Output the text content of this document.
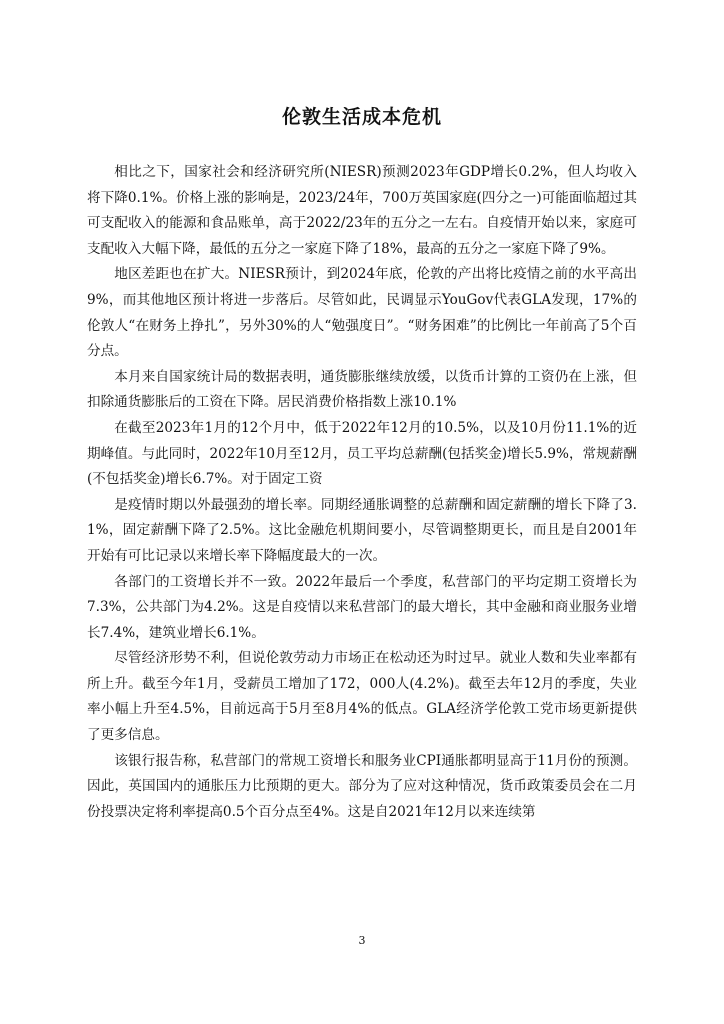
伦敦生活成本危机

相比之下，国家社会和经济研究所(NIESR)预测2023年GDP增长0.2%，但人均收入将下降0.1%。价格上涨的影响是，2023/24年，700万英国家庭(四分之一)可能面临超过其可支配收入的能源和食品账单，高于2022/23年的五分之一左右。自疫情开始以来，家庭可支配收入大幅下降，最低的五分之一家庭下降了18%，最高的五分之一家庭下降了9%。

地区差距也在扩大。NIESR预计，到2024年底，伦敦的产出将比疫情之前的水平高出9%，而其他地区预计将进一步落后。尽管如此，民调显示YouGov代表GLA发现，17%的伦敦人“在财务上挣扎”，另外30%的人“勉强度日”。“财务困难”的比例比一年前高了5个百分点。

本月来自国家统计局的数据表明，通货膨胀继续放缓，以货币计算的工资仍在上涨，但扣除通货膨胀后的工资在下降。居民消费价格指数上涨10.1%

在截至2023年1月的12个月中，低于2022年12月的10.5%，以及10月份11.1%的近期峰值。与此同时，2022年10月至12月，员工平均总薪酬(包括奖金)增长5.9%，常规薪酬(不包括奖金)增长6.7%。对于固定工资

是疫情时期以外最强劲的增长率。同期经通胀调整的总薪酬和固定薪酬的增长下降了3.1%，固定薪酬下降了2.5%。这比金融危机期间要小，尽管调整期更长，而且是自2001年开始有可比记录以来增长率下降幅度最大的一次。

各部门的工资增长并不一致。2022年最后一个季度，私营部门的平均定期工资增长为7.3%，公共部门为4.2%。这是自疫情以来私营部门的最大增长，其中金融和商业服务业增长7.4%，建筑业增长6.1%。

尽管经济形势不利，但说伦敦劳动力市场正在松动还为时过早。就业人数和失业率都有所上升。截至今年1月，受薪员工增加了172，000人(4.2%)。截至去年12月的季度，失业率小幅上升至4.5%，目前远高于5月至8月4%的低点。GLA经济学伦敦工党市场更新提供了更多信息。

该银行报告称，私营部门的常规工资增长和服务业CPI通胀都明显高于11月份的预测。因此，英国国内的通胀压力比预期的更大。部分为了应对这种情况，货币政策委员会在二月份投票决定将利率提高0.5个百分点至4%。这是自2021年12月以来连续第

3
